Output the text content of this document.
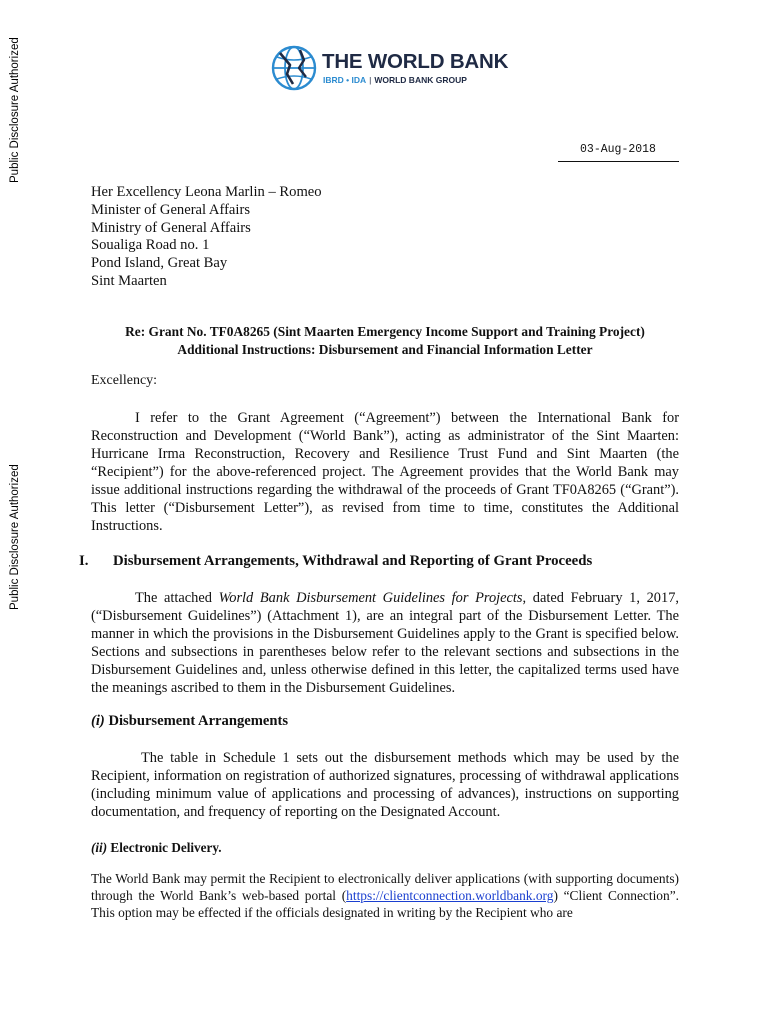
Public Disclosure Authorized
Public Disclosure Authorized
THE WORLD BANK
IBRD • IDA | WORLD BANK GROUP
03-Aug-2018
Her Excellency Leona Marlin – Romeo
Minister of General Affairs
Ministry of General Affairs
Soualiga Road no. 1
Pond Island, Great Bay
Sint Maarten
Re: Grant No. TF0A8265 (Sint Maarten Emergency Income Support and Training Project)
Additional Instructions: Disbursement and Financial Information Letter
Excellency:

I refer to the Grant Agreement (“Agreement”) between the International Bank for Reconstruction and Development (“World Bank”), acting as administrator of the Sint Maarten: Hurricane Irma Reconstruction, Recovery and Resilience Trust Fund and Sint Maarten (the “Recipient”) for the above-referenced project. The Agreement provides that the World Bank may issue additional instructions regarding the withdrawal of the proceeds of Grant TF0A8265 (“Grant”). This letter (“Disbursement Letter”), as revised from time to time, constitutes the Additional Instructions.

I. Disbursement Arrangements, Withdrawal and Reporting of Grant Proceeds

The attached World Bank Disbursement Guidelines for Projects, dated February 1, 2017, (“Disbursement Guidelines”) (Attachment 1), are an integral part of the Disbursement Letter. The manner in which the provisions in the Disbursement Guidelines apply to the Grant is specified below. Sections and subsections in parentheses below refer to the relevant sections and subsections in the Disbursement Guidelines and, unless otherwise defined in this letter, the capitalized terms used have the meanings ascribed to them in the Disbursement Guidelines.

(i) Disbursement Arrangements

The table in Schedule 1 sets out the disbursement methods which may be used by the Recipient, information on registration of authorized signatures, processing of withdrawal applications (including minimum value of applications and processing of advances), instructions on supporting documentation, and frequency of reporting on the Designated Account.

(ii) Electronic Delivery.

The World Bank may permit the Recipient to electronically deliver applications (with supporting documents) through the World Bank’s web-based portal (https://clientconnection.worldbank.org) “Client Connection”. This option may be effected if the officials designated in writing by the Recipient who are
